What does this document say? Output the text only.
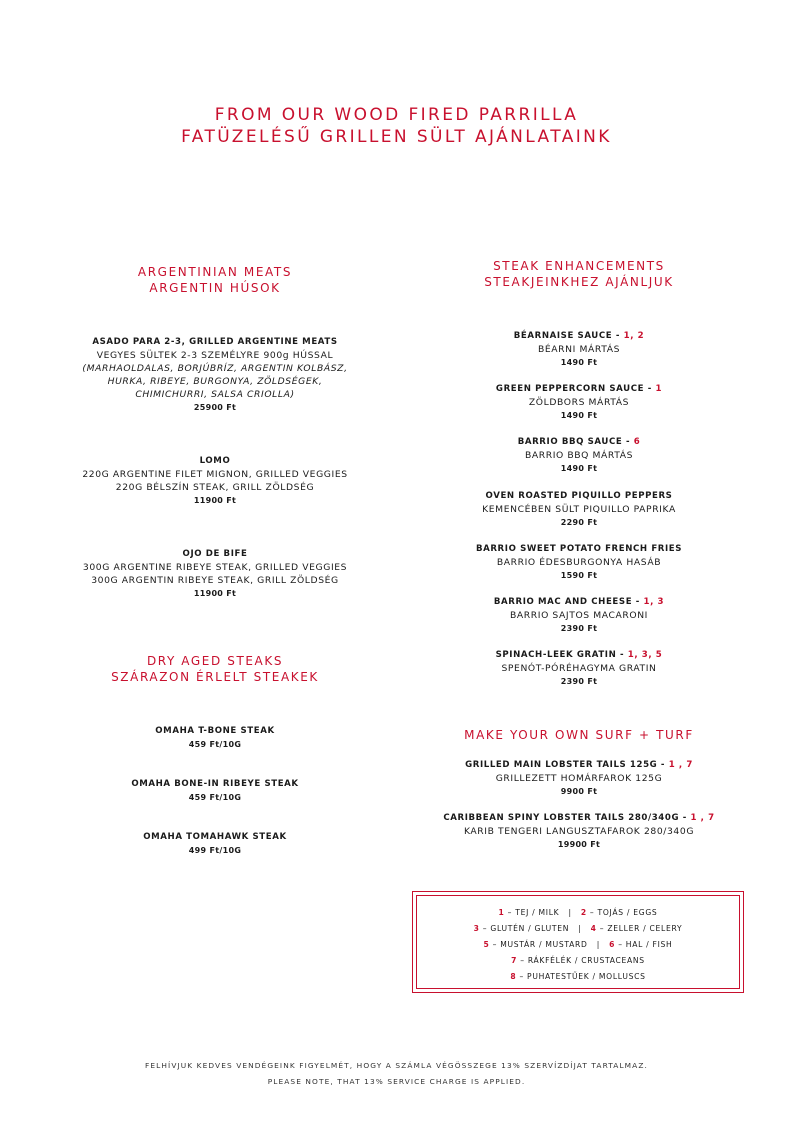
FROM OUR WOOD FIRED PARRILLA
FATÜZELÉSŰ GRILLEN SÜLT AJÁNLATAINK
ARGENTINIAN MEATS
ARGENTIN HÚSOK
ASADO PARA 2-3, GRILLED ARGENTINE MEATS
VEGYES SÜLTEK 2-3 SZEMÉLYRE 900g HÚSSAL
(MARHAOLDALAS, BORJÚBRÍZ, ARGENTIN KOLBÁSZ,
HURKA, RIBEYE, BURGONYA, ZÖLDSÉGEK,
CHIMICHURRI, SALSA CRIOLLA)
25900 Ft
LOMO
220G ARGENTINE FILET MIGNON, GRILLED VEGGIES
220G BÉLSZÍN STEAK, GRILL ZÖLDSÉG
11900 Ft
OJO DE BIFE
300G ARGENTINE RIBEYE STEAK, GRILLED VEGGIES
300G ARGENTIN RIBEYE STEAK, GRILL ZÖLDSÉG
11900 Ft
DRY AGED STEAKS
SZÁRAZON ÉRLELT STEAKEK
OMAHA T-BONE STEAK
459 Ft/10G
OMAHA BONE-IN RIBEYE STEAK
459 Ft/10G
OMAHA TOMAHAWK STEAK
499 Ft/10G
STEAK ENHANCEMENTS
STEAKJEINKHEZ AJÁNLJUK
BÉARNAISE SAUCE - 1, 2
BÉARNI MÁRTÁS
1490 Ft
GREEN PEPPERCORN SAUCE - 1
ZÖLDBORS MÁRTÁS
1490 Ft
BARRIO BBQ SAUCE - 6
BARRIO BBQ MÁRTÁS
1490 Ft
OVEN ROASTED PIQUILLO PEPPERS
KEMENCÉBEN SÜLT PIQUILLO PAPRIKA
2290 Ft
BARRIO SWEET POTATO FRENCH FRIES
BARRIO ÉDESBURGONYA HASÁB
1590 Ft
BARRIO MAC AND CHEESE - 1, 3
BARRIO SAJTOS MACARONI
2390 Ft
SPINACH-LEEK GRATIN - 1, 3, 5
SPENÓT-PÓRÉHAGYMA GRATIN
2390 Ft
MAKE YOUR OWN SURF + TURF
GRILLED MAIN LOBSTER TAILS 125G - 1 , 7
GRILLEZETT HOMÁRFAROK 125G
9900 Ft
CARIBBEAN SPINY LOBSTER TAILS 280/340G - 1 , 7
KARIB TENGERI LANGUSZTAFAROK 280/340G
19900 Ft
1 – TEJ / MILK | 2 – TOJÁS / EGGS
3 – GLUTÉN / GLUTEN | 4 – ZELLER / CELERY
5 – MUSTÁR / MUSTARD | 6 – HAL / FISH
7 – RÁKFÉLÉK / CRUSTACEANS
8 – PUHATESTŰEK / MOLLUSCS
FELHÍVJUK KEDVES VENDÉGEINK FIGYELMÉT, HOGY A SZÁMLA VÉGÖSSZEGE 13% SZERVÍZDÍJAT TARTALMAZ.
PLEASE NOTE, THAT 13% SERVICE CHARGE IS APPLIED.
